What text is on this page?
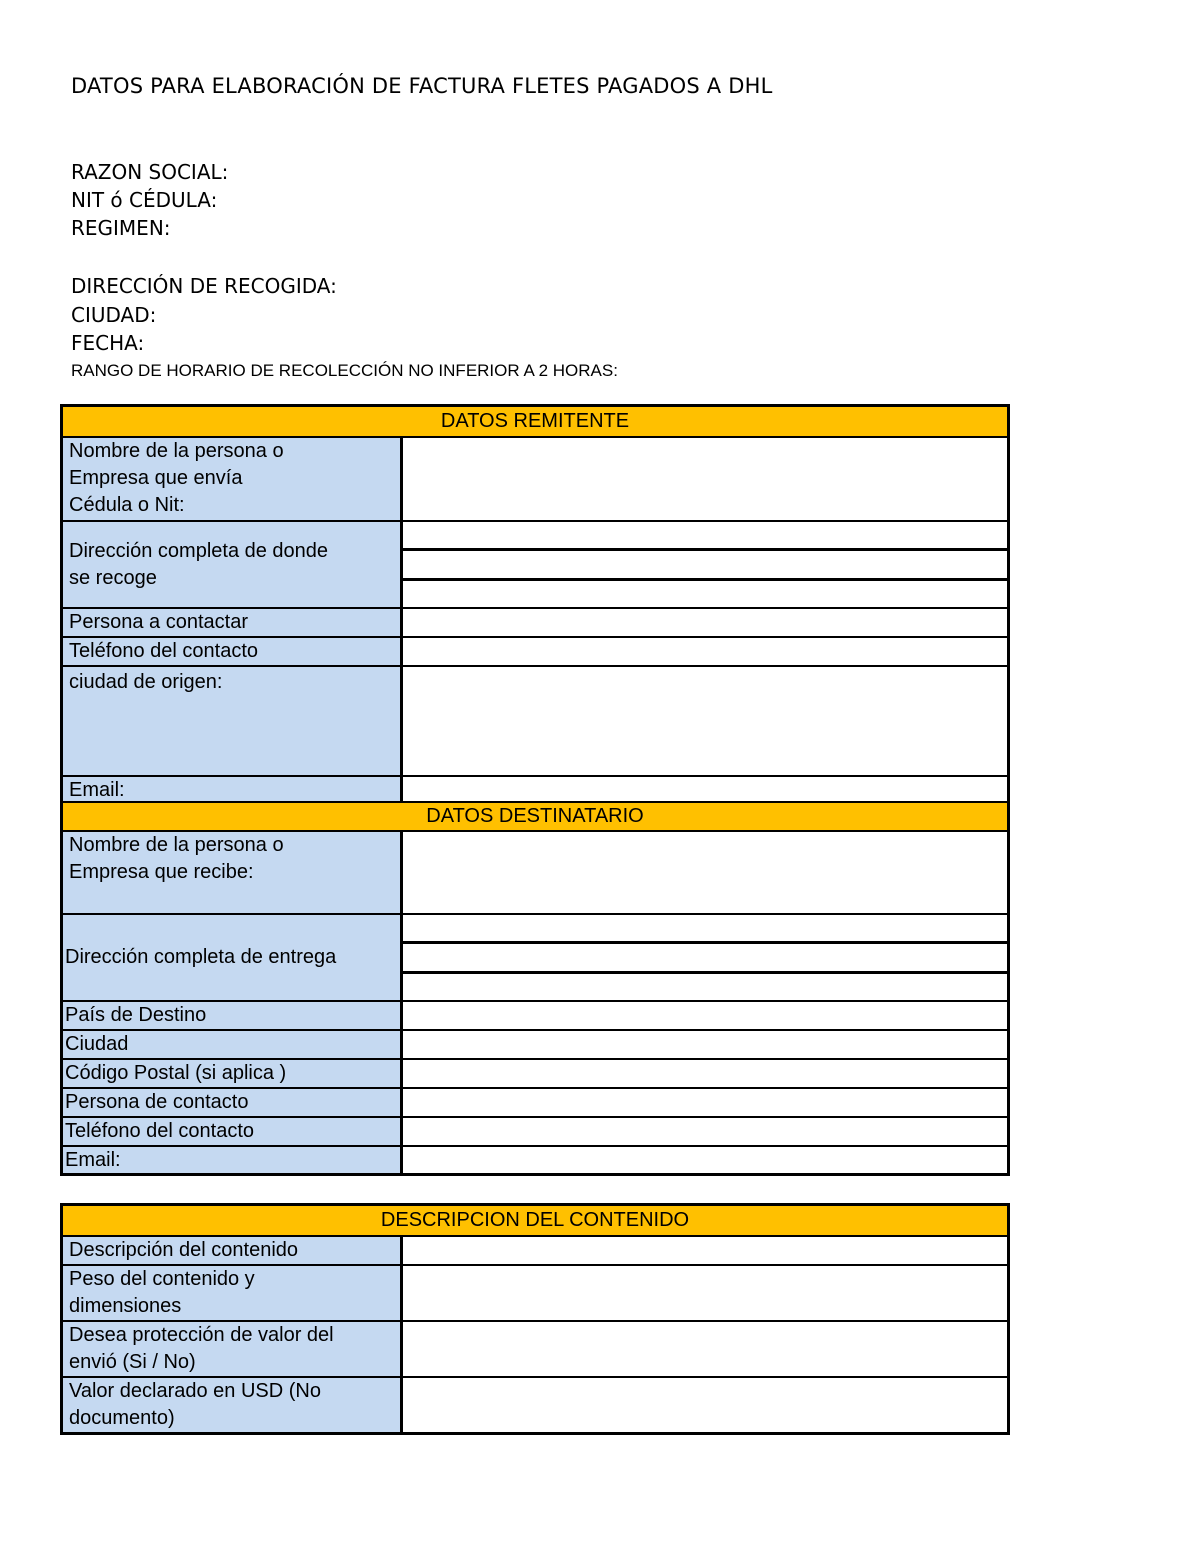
DATOS PARA ELABORACIÓN DE FACTURA FLETES PAGADOS A DHL
RAZON SOCIAL:
NIT ó CÉDULA:
REGIMEN:
DIRECCIÓN DE RECOGIDA:
CIUDAD:
FECHA:
RANGO DE HORARIO DE RECOLECCIÓN NO INFERIOR A 2 HORAS:
DATOS REMITENTE
Nombre de la persona o
Empresa que envía
Cédula o Nit:
Dirección completa de donde
se recoge
Persona a contactar
Teléfono del contacto
ciudad de origen:
Email:
DATOS DESTINATARIO
Nombre de la persona o
Empresa que recibe:
Dirección completa de entrega
País de Destino
Ciudad
Código Postal (si aplica )
Persona de contacto
Teléfono del contacto
Email:
DESCRIPCION DEL CONTENIDO
Descripción del contenido
Peso del contenido y
dimensiones
Desea protección de valor del
envió (Si / No)
Valor declarado en USD (No
documento)
